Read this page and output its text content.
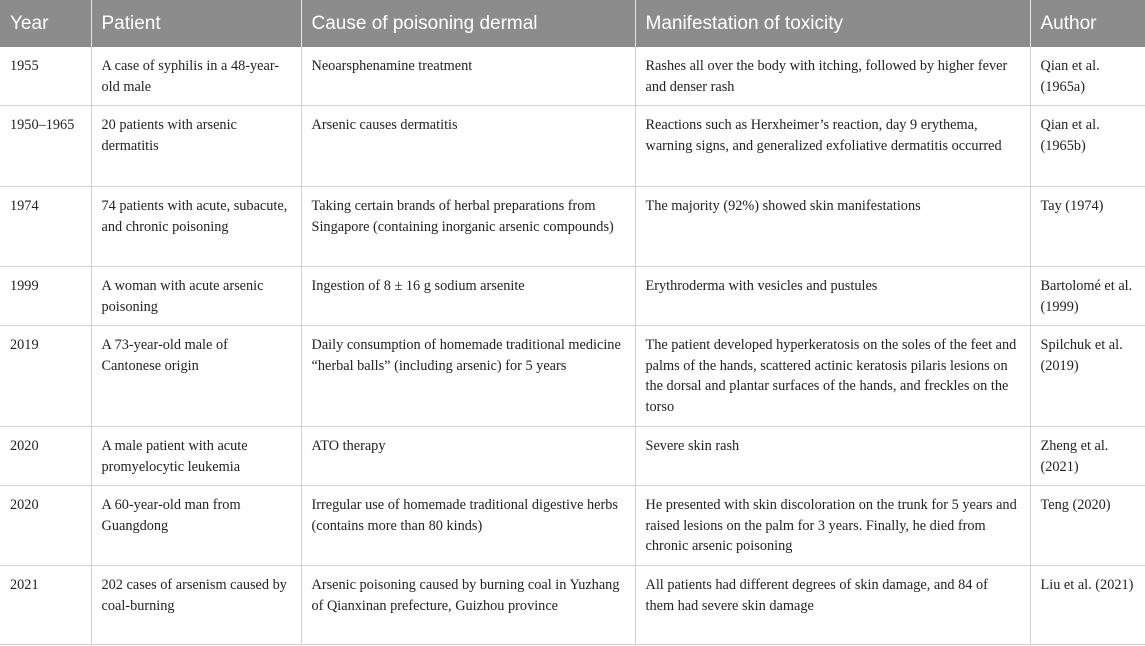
Year	Patient	Cause of poisoning dermal	Manifestation of toxicity	Author
1955	A case of syphilis in a 48-year-old male	Neoarsphenamine treatment	Rashes all over the body with itching, followed by higher fever and denser rash	Qian et al. (1965a)
1950–1965	20 patients with arsenic dermatitis	Arsenic causes dermatitis	Reactions such as Herxheimer’s reaction, day 9 erythema, warning signs, and generalized exfoliative dermatitis occurred	Qian et al. (1965b)
1974	74 patients with acute, subacute, and chronic poisoning	Taking certain brands of herbal preparations from Singapore (containing inorganic arsenic compounds)	The majority (92%) showed skin manifestations	Tay (1974)
1999	A woman with acute arsenic poisoning	Ingestion of 8 ± 16 g sodium arsenite	Erythroderma with vesicles and pustules	Bartolomé et al. (1999)
2019	A 73-year-old male of Cantonese origin	Daily consumption of homemade traditional medicine “herbal balls” (including arsenic) for 5 years	The patient developed hyperkeratosis on the soles of the feet and palms of the hands, scattered actinic keratosis pilaris lesions on the dorsal and plantar surfaces of the hands, and freckles on the torso	Spilchuk et al. (2019)
2020	A male patient with acute promyelocytic leukemia	ATO therapy	Severe skin rash	Zheng et al. (2021)
2020	A 60-year-old man from Guangdong	Irregular use of homemade traditional digestive herbs (contains more than 80 kinds)	He presented with skin discoloration on the trunk for 5 years and raised lesions on the palm for 3 years. Finally, he died from chronic arsenic poisoning	Teng (2020)
2021	202 cases of arsenism caused by coal-burning	Arsenic poisoning caused by burning coal in Yuzhang of Qianxinan prefecture, Guizhou province	All patients had different degrees of skin damage, and 84 of them had severe skin damage	Liu et al. (2021)
